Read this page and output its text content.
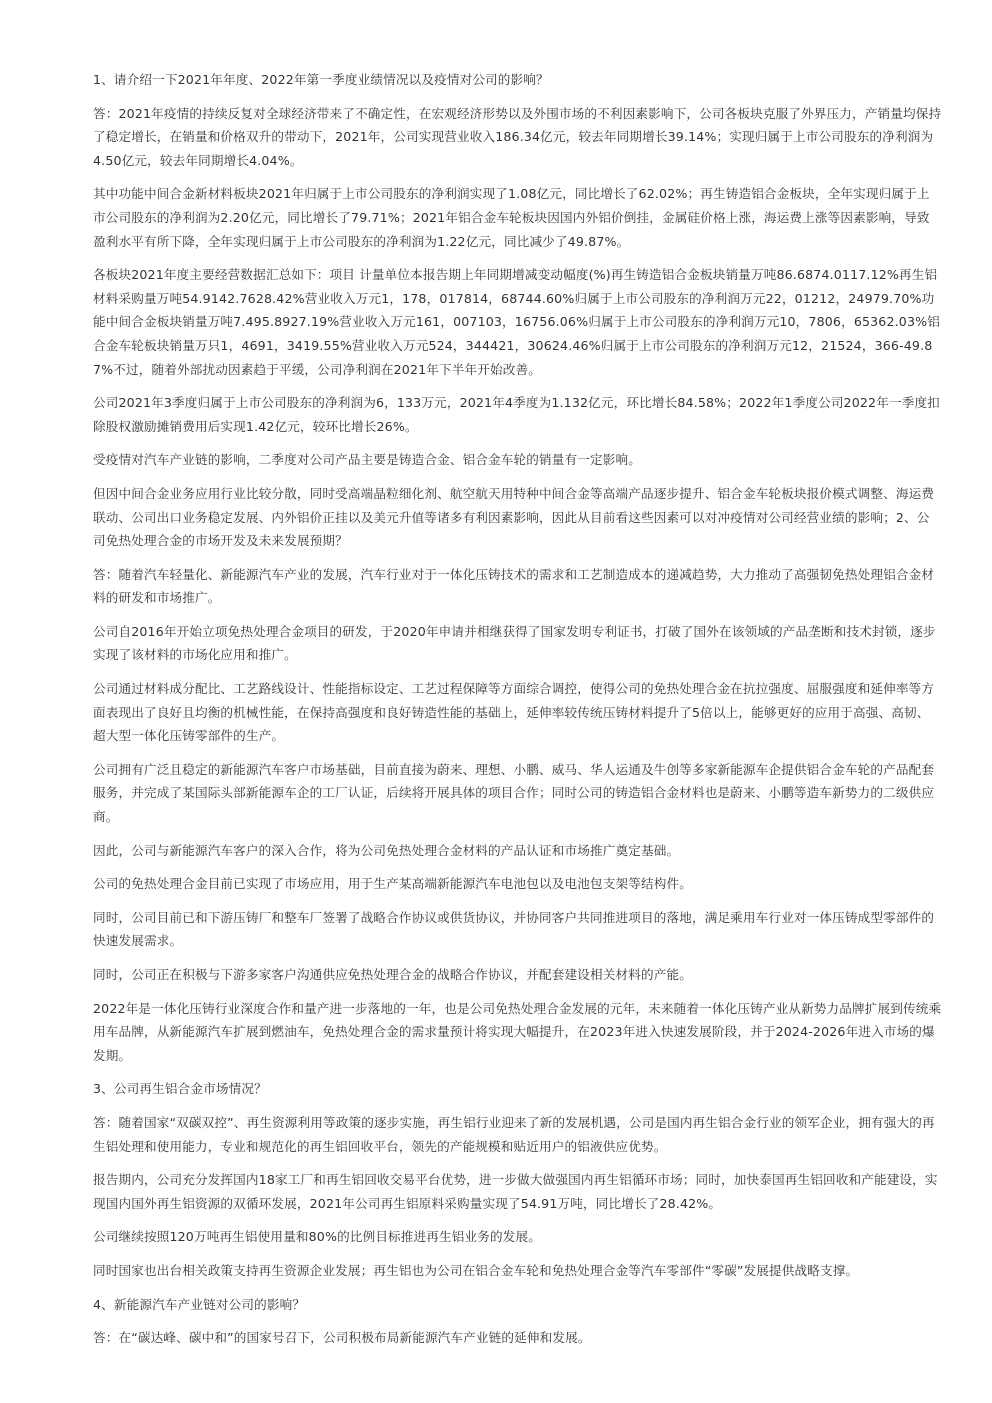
1、请介绍一下2021年年度、2022年第一季度业绩情况以及疫情对公司的影响？

答：2021年疫情的持续反复对全球经济带来了不确定性，在宏观经济形势以及外围市场的不利因素影响下，公司各板块克服了外界压力，产销量均保持了稳定增长，在销量和价格双升的带动下，2021年，公司实现营业收入186.34亿元，较去年同期增长39.14%；实现归属于上市公司股东的净利润为4.50亿元，较去年同期增长4.04%。

其中功能中间合金新材料板块2021年归属于上市公司股东的净利润实现了1.08亿元，同比增长了62.02%；再生铸造铝合金板块，全年实现归属于上市公司股东的净利润为2.20亿元，同比增长了79.71%；2021年铝合金车轮板块因国内外铝价倒挂，金属硅价格上涨，海运费上涨等因素影响，导致盈利水平有所下降，全年实现归属于上市公司股东的净利润为1.22亿元，同比减少了49.87%。

各板块2021年度主要经营数据汇总如下：项目 计量单位本报告期上年同期增减变动幅度(%)再生铸造铝合金板块销量万吨86.6874.0117.12%再生铝材料采购量万吨54.9142.7628.42%营业收入万元1，178，017814，68744.60%归属于上市公司股东的净利润万元22，01212，24979.70%功能中间合金板块销量万吨7.495.8927.19%营业收入万元161，007103，16756.06%归属于上市公司股东的净利润万元10，7806，65362.03%铝合金车轮板块销量万只1，4691，3419.55%营业收入万元524，344421，30624.46%归属于上市公司股东的净利润万元12，21524，366-49.87%不过，随着外部扰动因素趋于平缓，公司净利润在2021年下半年开始改善。

公司2021年3季度归属于上市公司股东的净利润为6，133万元，2021年4季度为1.132亿元，环比增长84.58%；2022年1季度公司2022年一季度扣除股权激励摊销费用后实现1.42亿元，较环比增长26%。

受疫情对汽车产业链的影响，二季度对公司产品主要是铸造合金、铝合金车轮的销量有一定影响。

但因中间合金业务应用行业比较分散，同时受高端晶粒细化剂、航空航天用特种中间合金等高端产品逐步提升、铝合金车轮板块报价模式调整、海运费联动、公司出口业务稳定发展、内外铝价正挂以及美元升值等诸多有利因素影响，因此从目前看这些因素可以对冲疫情对公司经营业绩的影响；2、公司免热处理合金的市场开发及未来发展预期？

答：随着汽车轻量化、新能源汽车产业的发展，汽车行业对于一体化压铸技术的需求和工艺制造成本的递减趋势，大力推动了高强韧免热处理铝合金材料的研发和市场推广。

公司自2016年开始立项免热处理合金项目的研发，于2020年申请并相继获得了国家发明专利证书，打破了国外在该领域的产品垄断和技术封锁，逐步实现了该材料的市场化应用和推广。

公司通过材料成分配比、工艺路线设计、性能指标设定、工艺过程保障等方面综合调控，使得公司的免热处理合金在抗拉强度、屈服强度和延伸率等方面表现出了良好且均衡的机械性能，在保持高强度和良好铸造性能的基础上，延伸率较传统压铸材料提升了5倍以上，能够更好的应用于高强、高韧、超大型一体化压铸零部件的生产。

公司拥有广泛且稳定的新能源汽车客户市场基础，目前直接为蔚来、理想、小鹏、威马、华人运通及牛创等多家新能源车企提供铝合金车轮的产品配套服务，并完成了某国际头部新能源车企的工厂认证，后续将开展具体的项目合作；同时公司的铸造铝合金材料也是蔚来、小鹏等造车新势力的二级供应商。

因此，公司与新能源汽车客户的深入合作，将为公司免热处理合金材料的产品认证和市场推广奠定基础。

公司的免热处理合金目前已实现了市场应用，用于生产某高端新能源汽车电池包以及电池包支架等结构件。

同时，公司目前已和下游压铸厂和整车厂签署了战略合作协议或供货协议，并协同客户共同推进项目的落地，满足乘用车行业对一体压铸成型零部件的快速发展需求。

同时，公司正在积极与下游多家客户沟通供应免热处理合金的战略合作协议，并配套建设相关材料的产能。

2022年是一体化压铸行业深度合作和量产进一步落地的一年，也是公司免热处理合金发展的元年，未来随着一体化压铸产业从新势力品牌扩展到传统乘用车品牌，从新能源汽车扩展到燃油车，免热处理合金的需求量预计将实现大幅提升，在2023年进入快速发展阶段，并于2024-2026年进入市场的爆发期。

3、公司再生铝合金市场情况？

答：随着国家“双碳双控”、再生资源利用等政策的逐步实施，再生铝行业迎来了新的发展机遇，公司是国内再生铝合金行业的领军企业，拥有强大的再生铝处理和使用能力，专业和规范化的再生铝回收平台，领先的产能规模和贴近用户的铝液供应优势。

报告期内，公司充分发挥国内18家工厂和再生铝回收交易平台优势，进一步做大做强国内再生铝循环市场；同时，加快泰国再生铝回收和产能建设，实现国内国外再生铝资源的双循环发展，2021年公司再生铝原料采购量实现了54.91万吨，同比增长了28.42%。

公司继续按照120万吨再生铝使用量和80%的比例目标推进再生铝业务的发展。

同时国家也出台相关政策支持再生资源企业发展；再生铝也为公司在铝合金车轮和免热处理合金等汽车零部件“零碳”发展提供战略支撑。

4、新能源汽车产业链对公司的影响？

答：在“碳达峰、碳中和”的国家号召下，公司积极布局新能源汽车产业链的延伸和发展。
